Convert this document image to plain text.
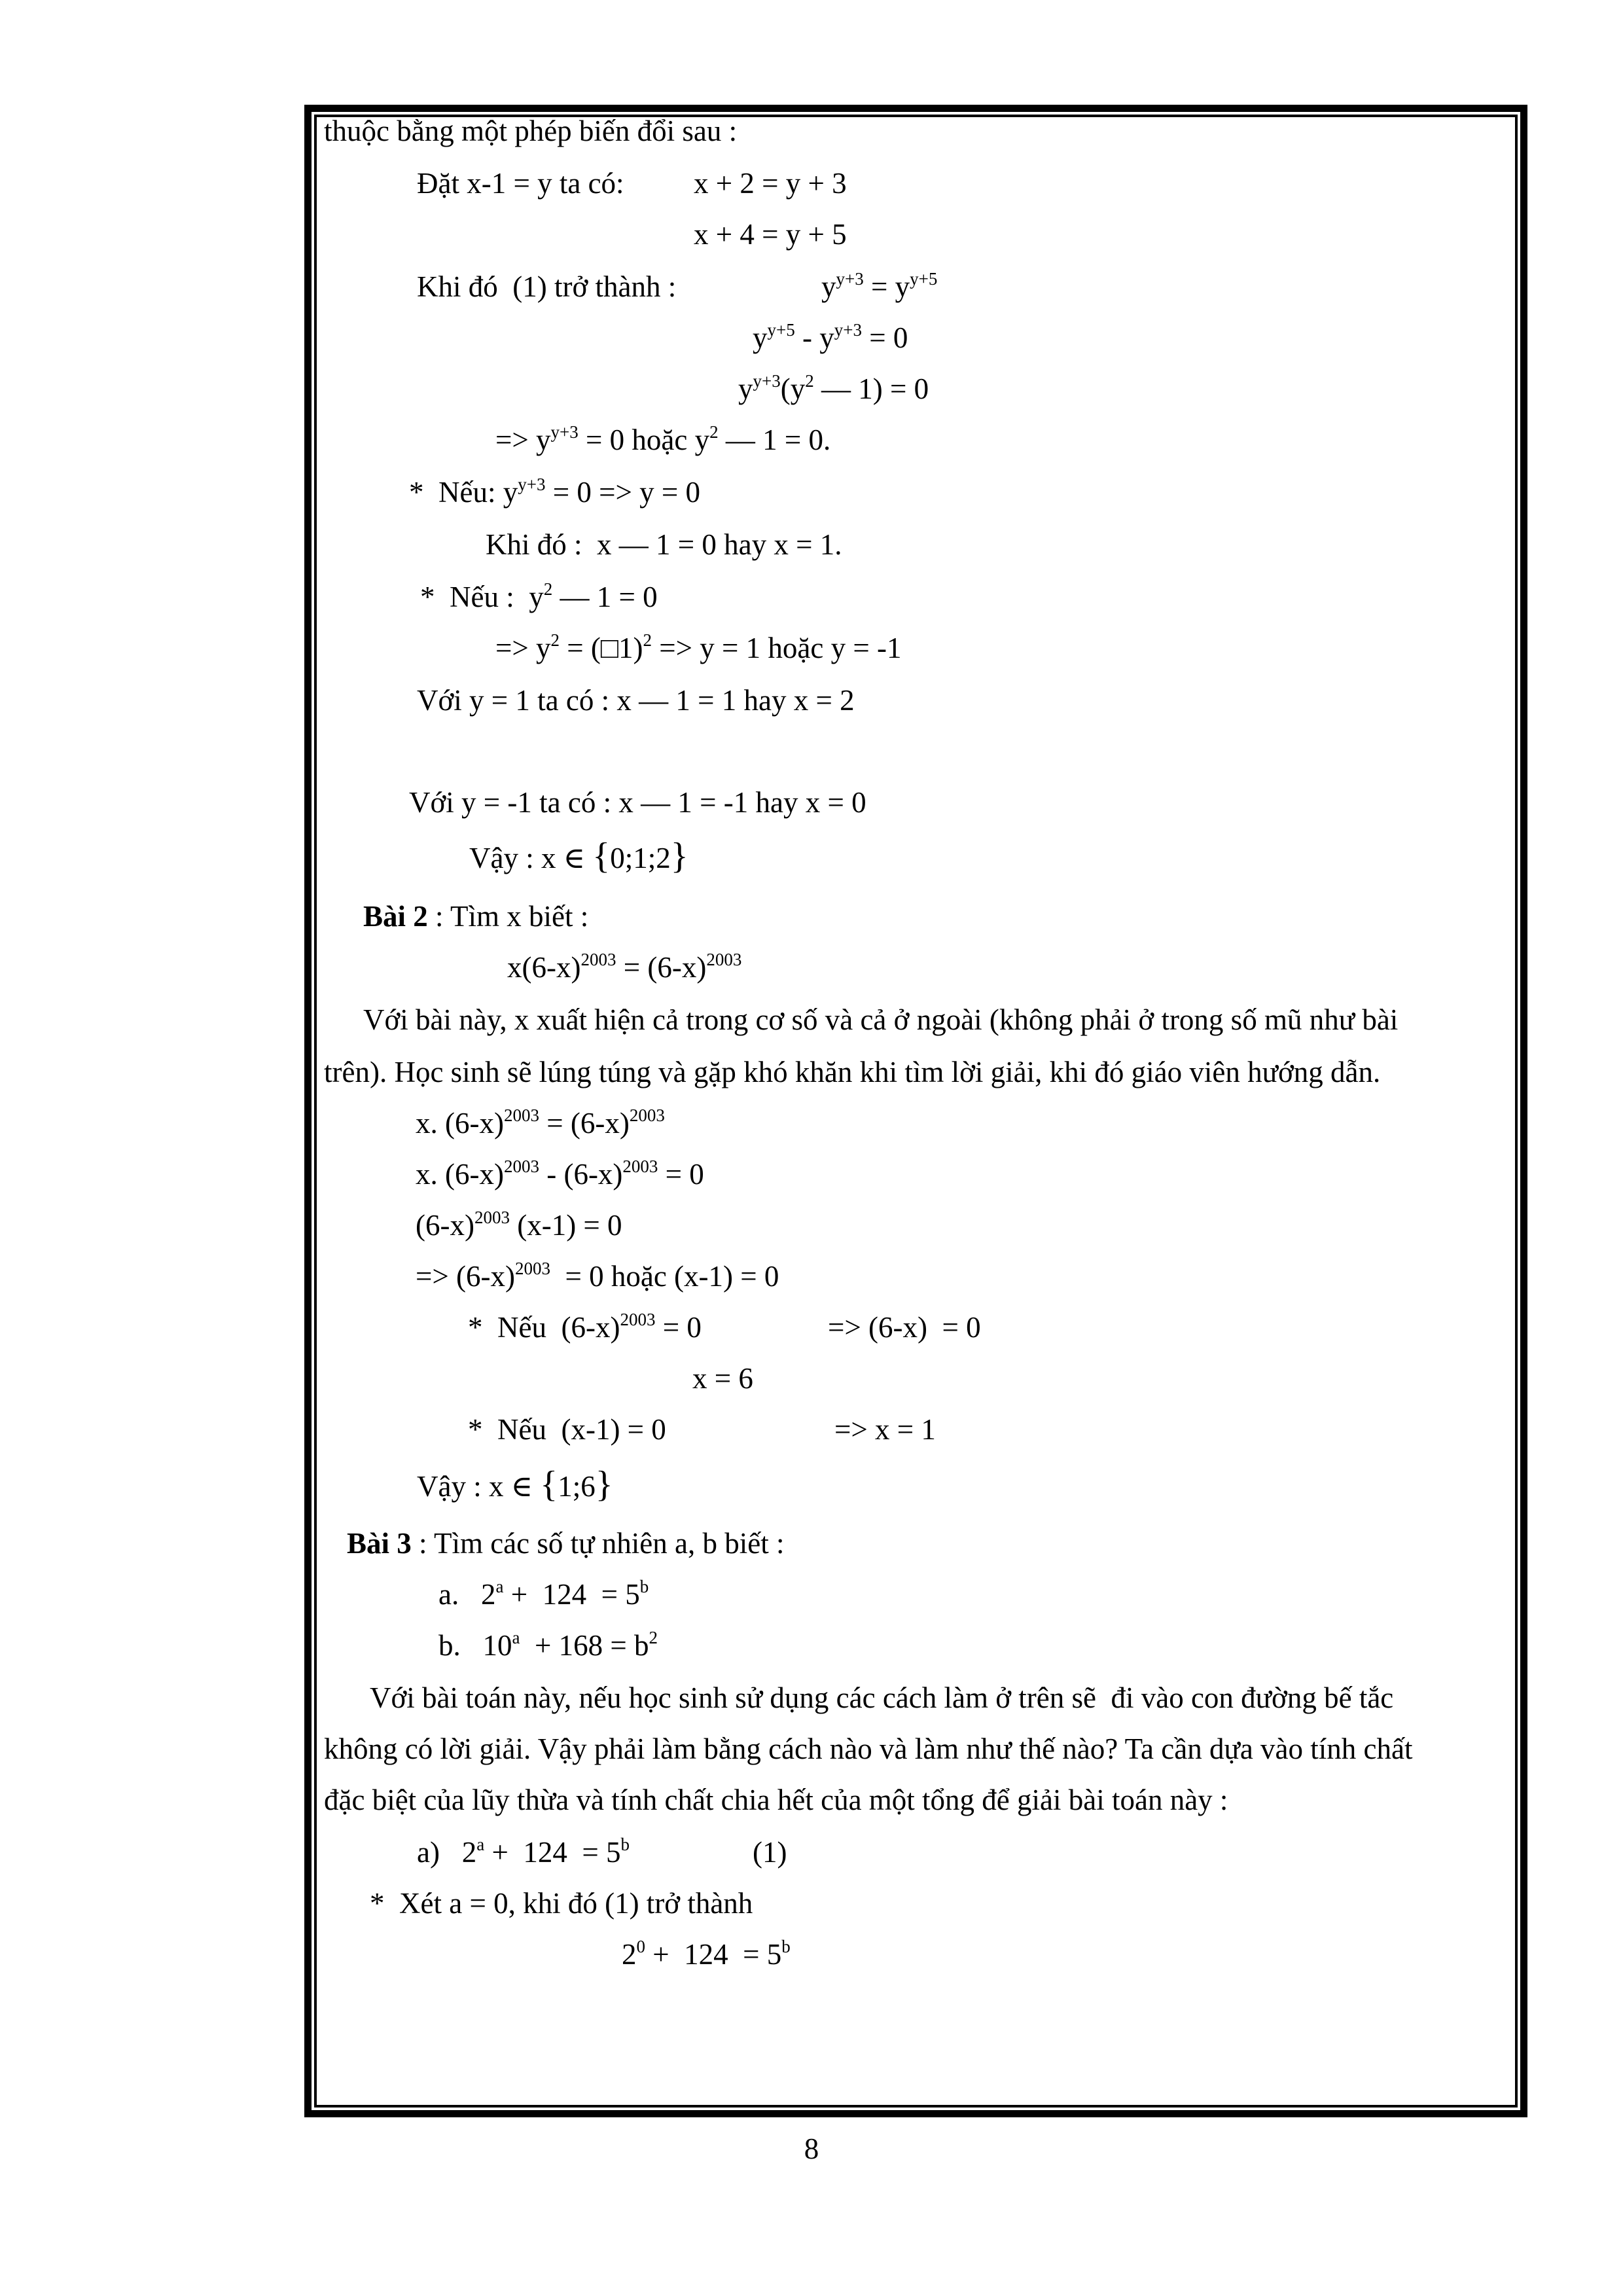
thuộc bằng một phép biến đổi sau :
Đặt x-1 = y ta có: x + 2 = y + 3
x + 4 = y + 5
Khi đó  (1) trở thành :	$y^{y+3} = y^{y+5}$
$y^{y+5} - y^{y+3} = 0$
$y^{y+3}(y^2$ — 1) = 0
=> $y^{y+3} = 0$ hoặc $y^2$ — 1 = 0.
*  Nếu: $y^{y+3} = 0 => y = 0$
Khi đó :  x — 1 = 0 hay x = 1.
*  Nếu :  $y^2$ — 1 = 0
=> $y^2$ = (□1)$^2$ => y = 1 hoặc y = -1
Với y = 1 ta có : x — 1 = 1 hay x = 2
Với y = -1 ta có : x — 1 = -1 hay x = 0
Vậy : x ∈ {0;1;2}
Bài 2 : Tìm x biết :
$x(6-x)^{2003} = (6-x)^{2003}$
Với bài này, x xuất hiện cả trong cơ số và cả ở ngoài (không phải ở trong số mũ như bài
trên). Học sinh sẽ lúng túng và gặp khó khăn khi tìm lời giải, khi đó giáo viên hướng dẫn.
x. $(6-x)^{2003} = (6-x)^{2003}$
x. $(6-x)^{2003} - (6-x)^{2003} = 0$
$(6-x)^{2003}$ (x-1) = 0
=> $(6-x)^{2003} = 0$ hoặc (x-1) = 0
*  Nếu  $(6-x)^{2003} = 0$	=> (6-x)  = 0
x = 6
*  Nếu  (x-1) = 0	=> x = 1
Vậy : x ∈ {1;6}
Bài 3 : Tìm các số tự nhiên a, b biết :
a.   $2^a + 124 = 5^b$
b.   $10^a + 168 = b^2$
Với bài toán này, nếu học sinh sử dụng các cách làm ở trên sẽ  đi vào con đường bế tắc
không có lời giải. Vậy phải làm bằng cách nào và làm như thế nào? Ta cần dựa vào tính chất
đặc biệt của lũy thừa và tính chất chia hết của một tổng để giải bài toán này :
a)   $2^a + 124 = 5^b$	(1)
*  Xét a = 0, khi đó (1) trở thành
$2^0 + 124 = 5^b$
8
